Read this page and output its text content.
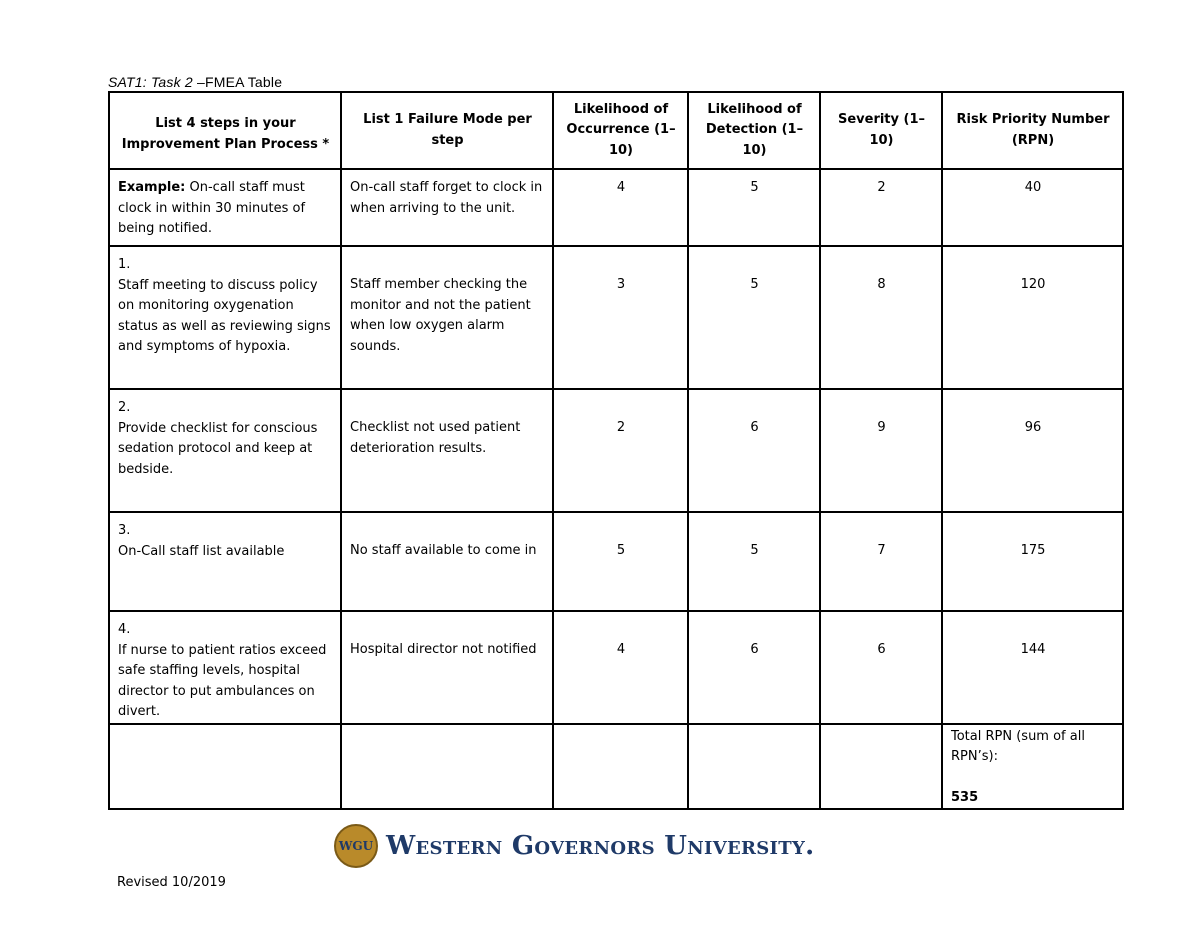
SAT1: Task 2 –FMEA Table
List 4 steps in your Improvement Plan Process *	List 1 Failure Mode per step	Likelihood of Occurrence (1–10)	Likelihood of Detection (1–10)	Severity (1–10)	Risk Priority Number (RPN)
Example: On-call staff must clock in within 30 minutes of being notified.	On-call staff forget to clock in when arriving to the unit.	4	5	2	40

1.
Staff meeting to discuss policy on monitoring oxygenation status as well as reviewing signs and symptoms of hypoxia.	Staff member checking the monitor and not the patient when low oxygen alarm sounds.	3	5	8	120

2.
Provide checklist for conscious sedation protocol and keep at bedside.	Checklist not used patient deterioration results.	2	6	9	96

3.
On-Call staff list available	No staff available to come in	5	5	7	175

4.
If nurse to patient ratios exceed safe staffing levels, hospital director to put ambulances on divert.	Hospital director not notified	4	6	6	144

					Total RPN (sum of all RPN’s):
535
WGU Western Governors University.
Revised 10/2019
